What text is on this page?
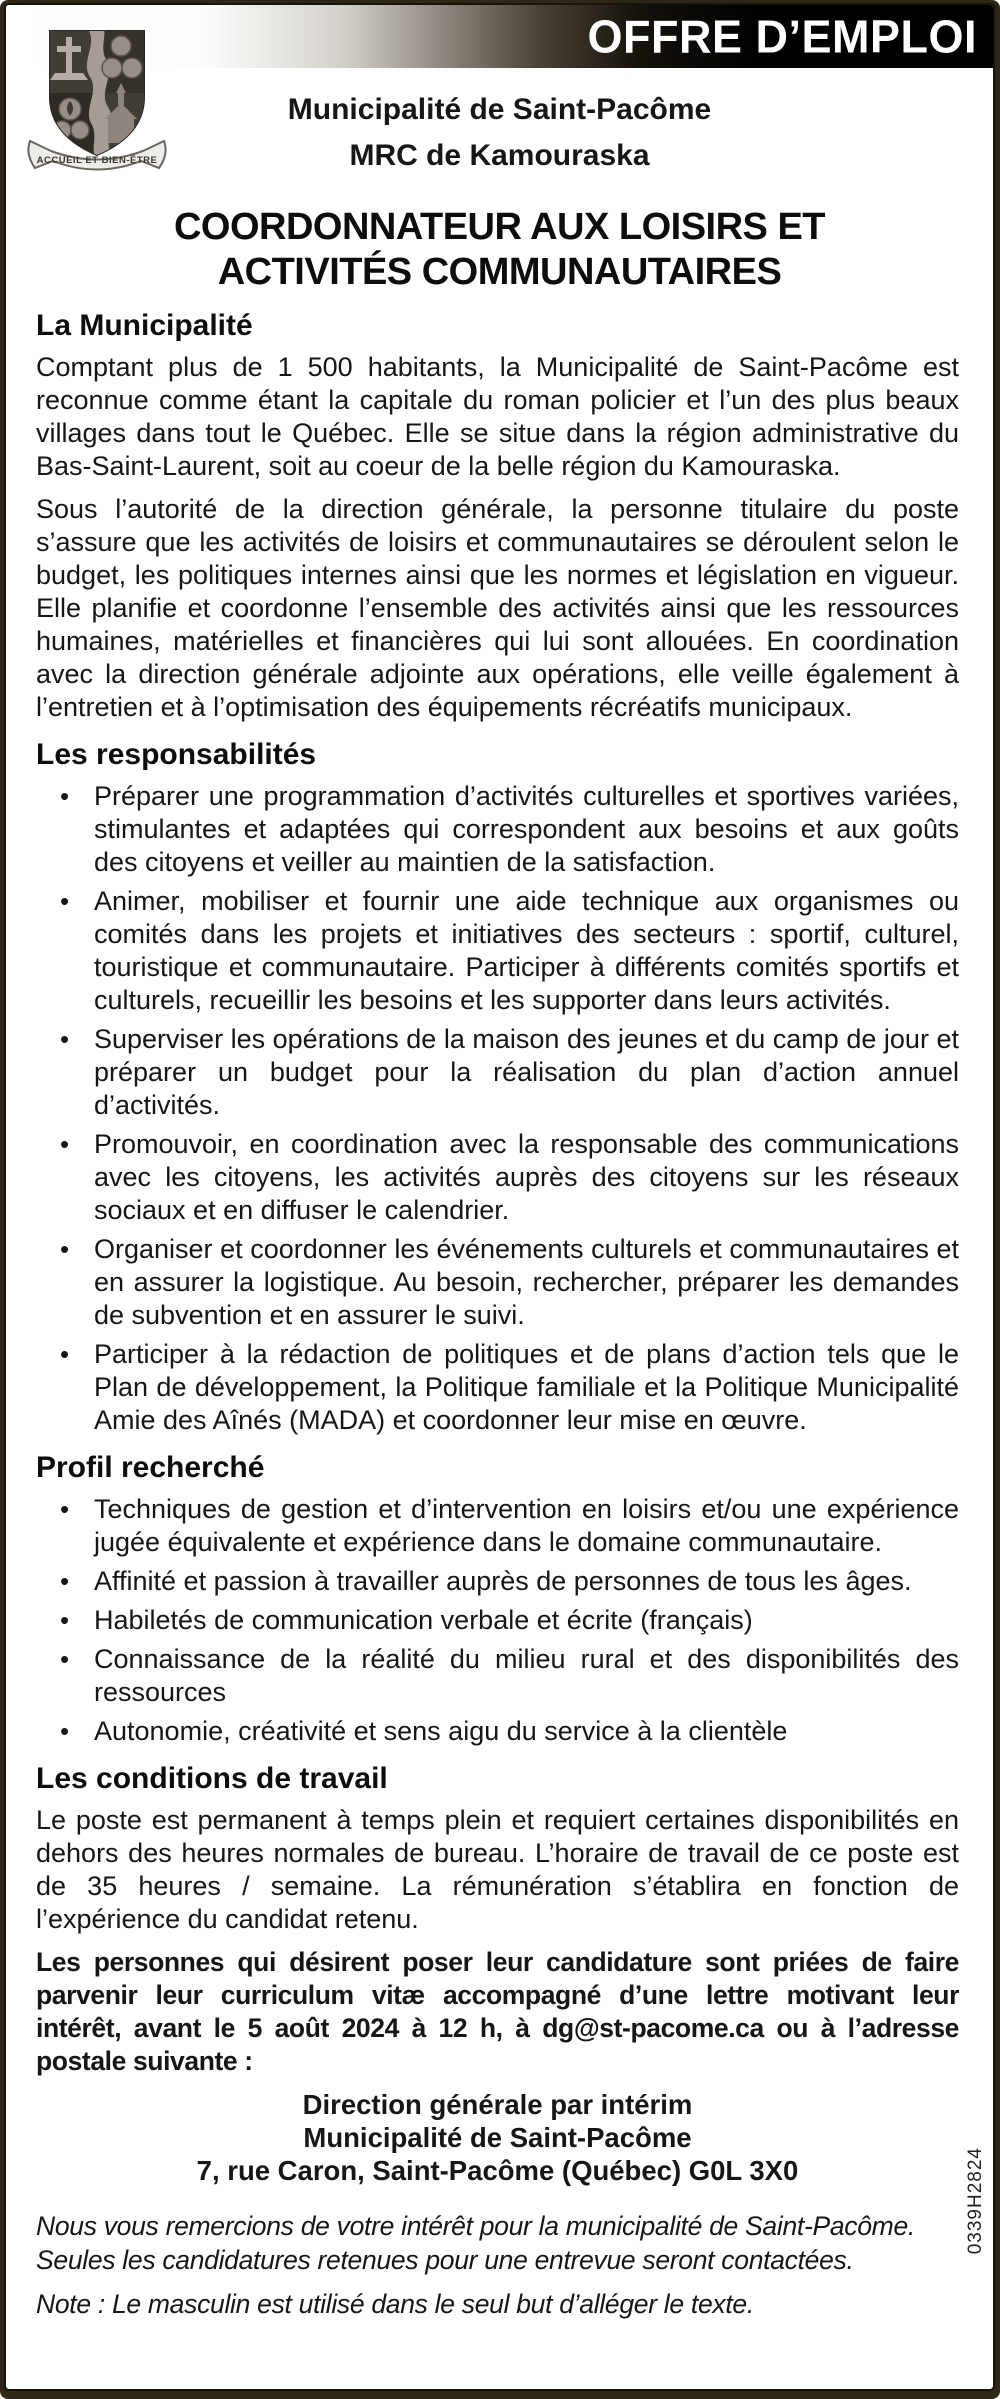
OFFRE D’EMPLOI
ACCUEIL ET BIEN-ÊTRE
Municipalité de Saint-Pacôme
MRC de Kamouraska
COORDONNATEUR AUX LOISIRS ET
ACTIVITÉS COMMUNAUTAIRES
La Municipalité

Comptant plus de 1 500 habitants, la Municipalité de Saint-Pacôme est reconnue comme étant la capitale du roman policier et l’un des plus beaux villages dans tout le Québec. Elle se situe dans la région administrative du Bas-Saint-Laurent, soit au coeur de la belle région du Kamouraska.

Sous l’autorité de la direction générale, la personne titulaire du poste s’assure que les activités de loisirs et communautaires se déroulent selon le budget, les politiques internes ainsi que les normes et législation en vigueur. Elle planifie et coordonne l’ensemble des activités ainsi que les ressources humaines, matérielles et financières qui lui sont allouées. En coordination avec la direction générale adjointe aux opérations, elle veille également à l’entretien et à l’optimisation des équipements récréatifs municipaux.

Les responsabilités
• Préparer une programmation d’activités culturelles et sportives variées, stimulantes et adaptées qui correspondent aux besoins et aux goûts des citoyens et veiller au maintien de la satisfaction.
• Animer, mobiliser et fournir une aide technique aux organismes ou comités dans les projets et initiatives des secteurs : sportif, culturel, touristique et communautaire. Participer à différents comités sportifs et culturels, recueillir les besoins et les supporter dans leurs activités.
• Superviser les opérations de la maison des jeunes et du camp de jour et préparer un budget pour la réalisation du plan d’action annuel d’activités.
• Promouvoir, en coordination avec la responsable des communications avec les citoyens, les activités auprès des citoyens sur les réseaux sociaux et en diffuser le calendrier.
• Organiser et coordonner les événements culturels et communautaires et en assurer la logistique. Au besoin, rechercher, préparer les demandes de subvention et en assurer le suivi.
• Participer à la rédaction de politiques et de plans d’action tels que le Plan de développement, la Politique familiale et la Politique Municipalité Amie des Aînés (MADA) et coordonner leur mise en œuvre.
Profil recherché
• Techniques de gestion et d’intervention en loisirs et/ou une expérience jugée équivalente et expérience dans le domaine communautaire.
• Affinité et passion à travailler auprès de personnes de tous les âges.
• Habiletés de communication verbale et écrite (français)
• Connaissance de la réalité du milieu rural et des disponibilités des ressources
• Autonomie, créativité et sens aigu du service à la clientèle
Les conditions de travail

Le poste est permanent à temps plein et requiert certaines disponibilités en dehors des heures normales de bureau. L’horaire de travail de ce poste est de 35 heures / semaine. La rémunération s’établira en fonction de l’expérience du candidat retenu.

Les personnes qui désirent poser leur candidature sont priées de faire parvenir leur curriculum vitæ accompagné d’une lettre motivant leur intérêt, avant le 5 août 2024 à 12 h, à dg@st-pacome.ca ou à l’adresse postale suivante :

Direction générale par intérim
Municipalité de Saint-Pacôme
7, rue Caron, Saint-Pacôme (Québec) G0L 3X0
Nous vous remercions de votre intérêt pour la municipalité de Saint-Pacôme. Seules les candidatures retenues pour une entrevue seront contactées.
Note : Le masculin est utilisé dans le seul but d’alléger le texte.
0339H2824
